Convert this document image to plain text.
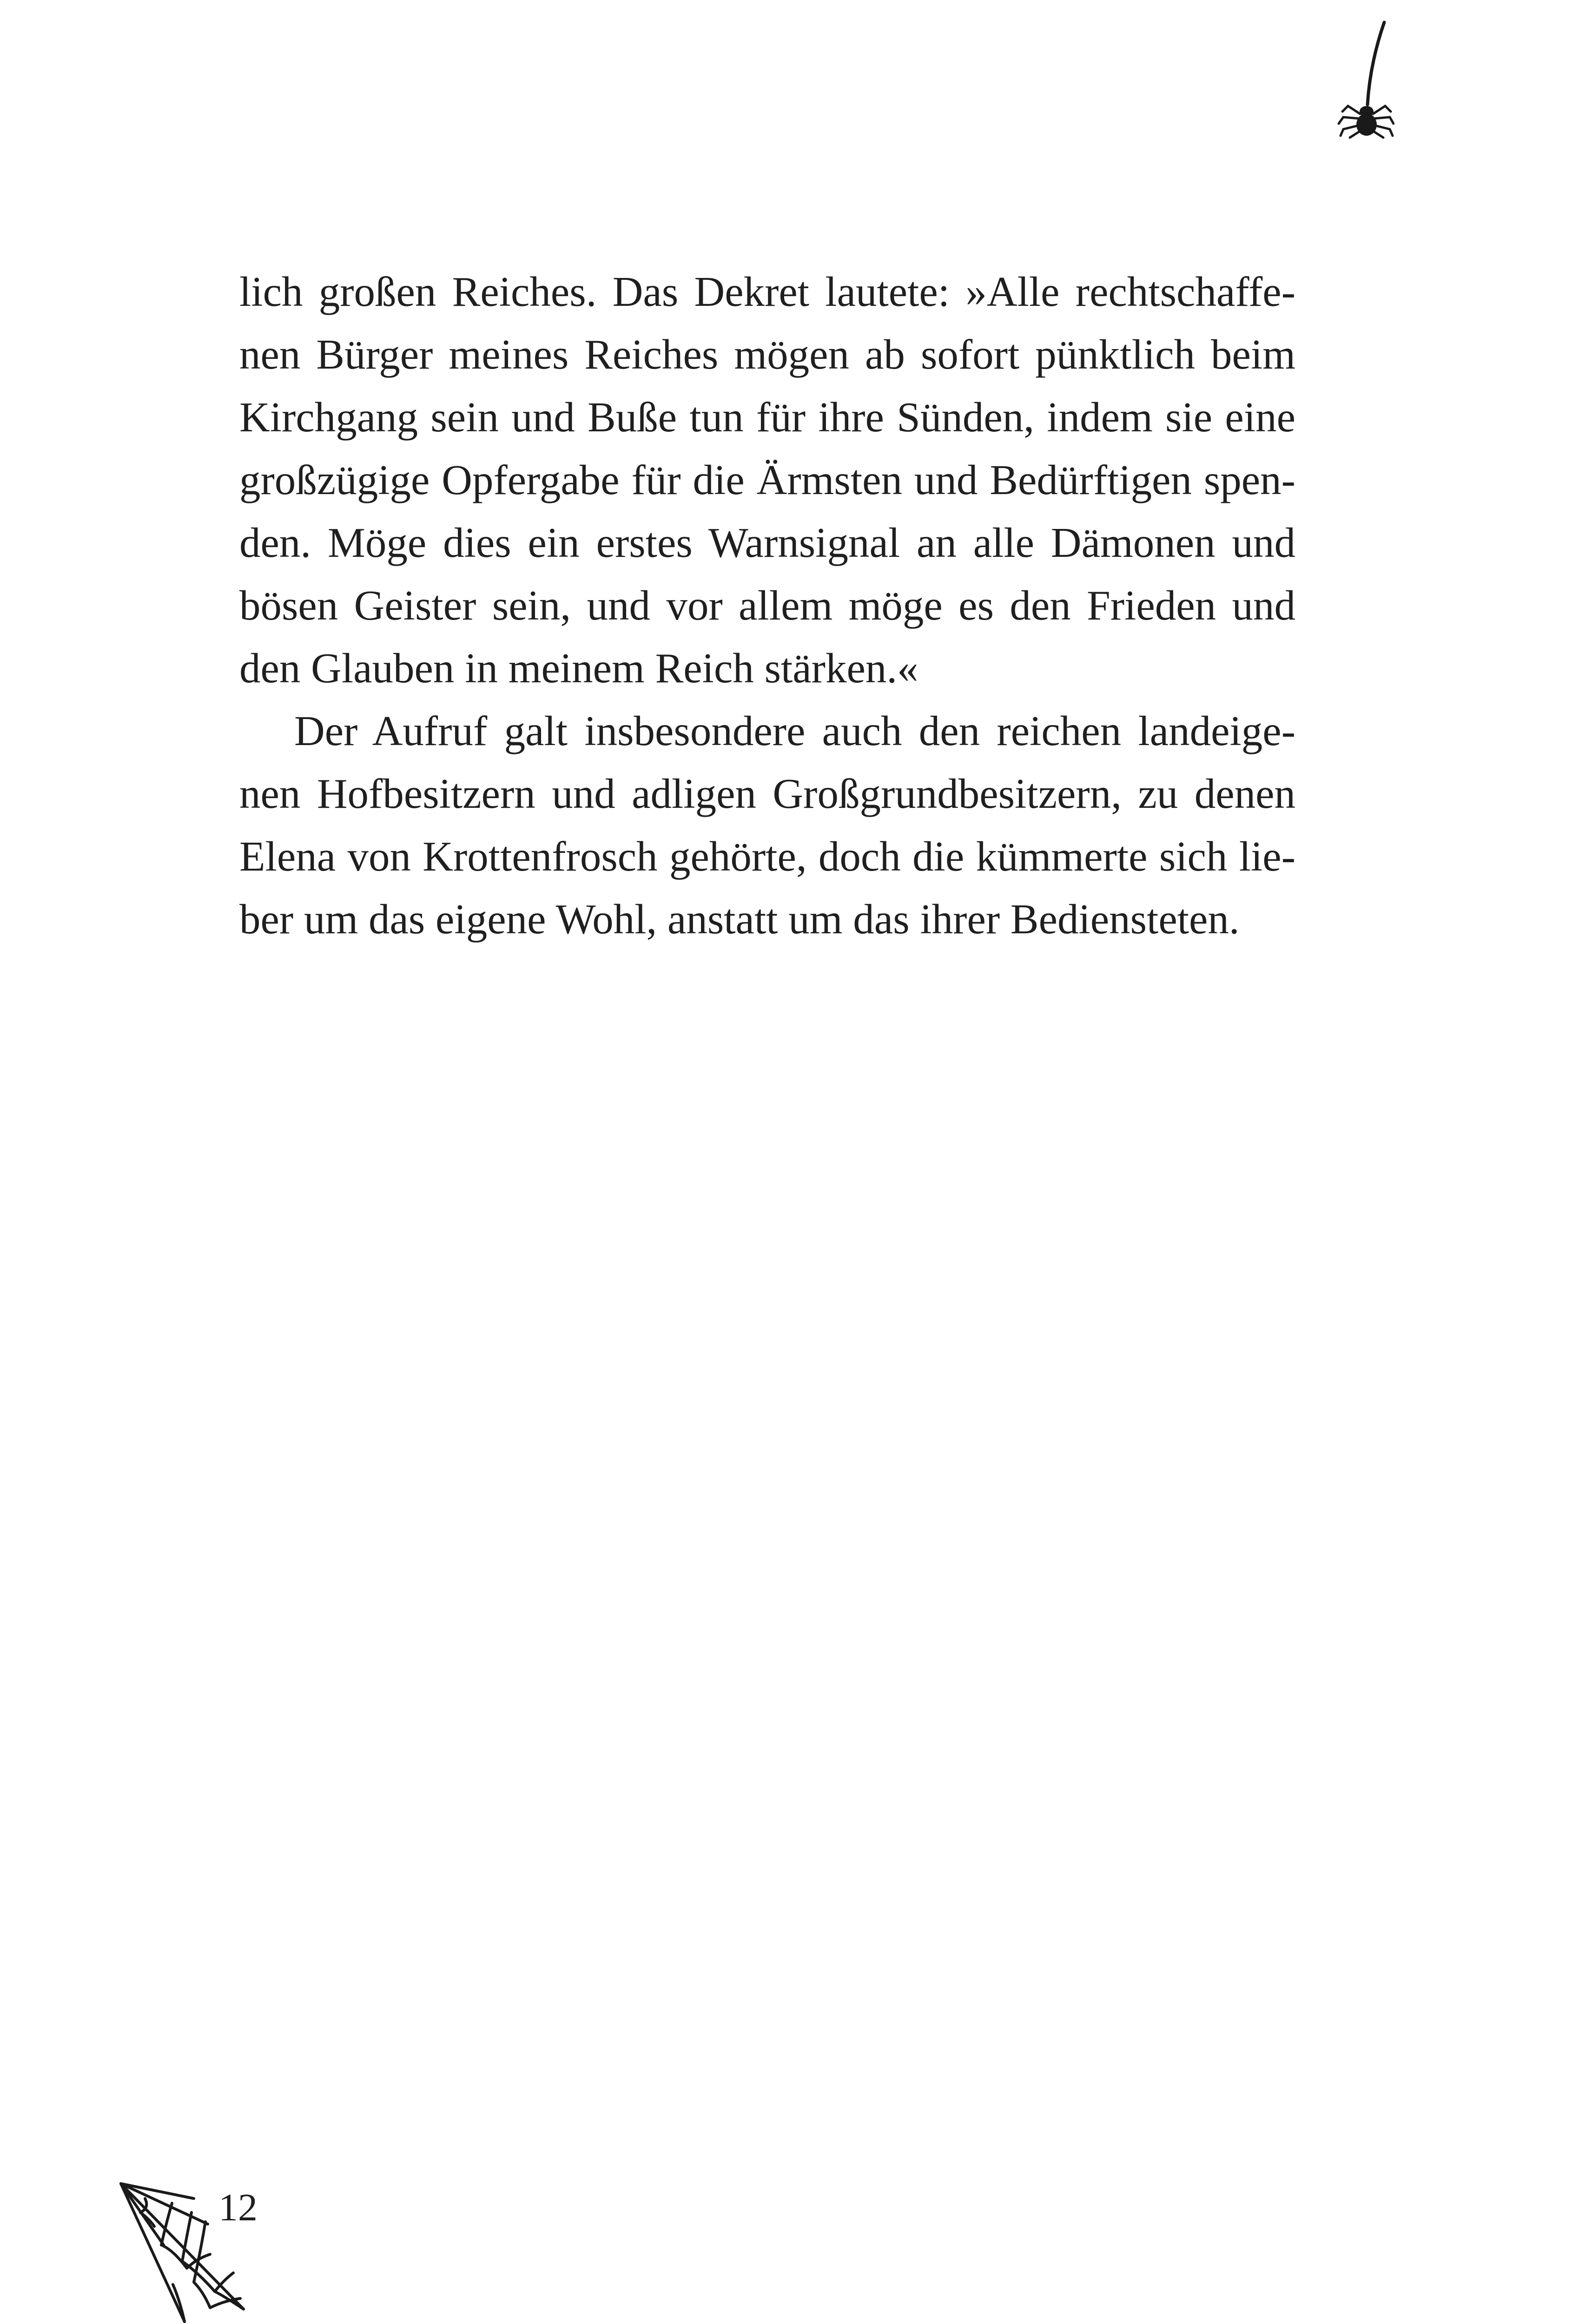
lich großen Reiches. Das Dekret lautete: »Alle rechtschaffe-
nen Bürger meines Reiches mögen ab sofort pünktlich beim
Kirchgang sein und Buße tun für ihre Sünden, indem sie eine
großzügige Opfergabe für die Ärmsten und Bedürftigen spen-
den. Möge dies ein erstes Warnsignal an alle Dämonen und
bösen Geister sein, und vor allem möge es den Frieden und
den Glauben in meinem Reich stärken.«
Der Aufruf galt insbesondere auch den reichen landeige-
nen Hofbesitzern und adligen Großgrundbesitzern, zu denen
Elena von Krottenfrosch gehörte, doch die kümmerte sich lie-
ber um das eigene Wohl, anstatt um das ihrer Bediensteten.
12
